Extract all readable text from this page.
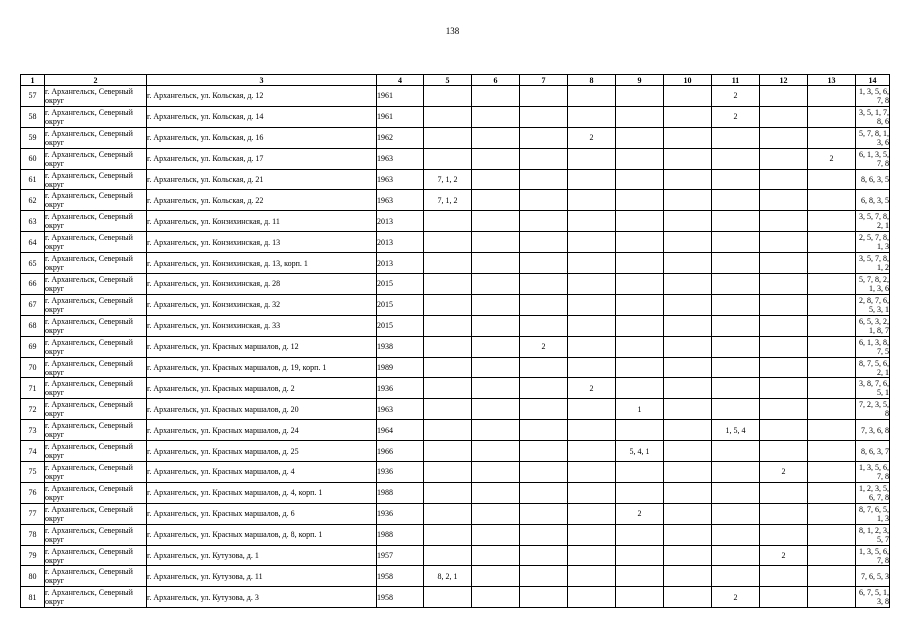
138
1	2	3	4	5	6	7	8	9	10	11	12	13	14
57	г. Архангельск, Северный округ	г. Архангельск, ул. Кольская, д. 12	1961							2			1, 3, 5, 6, 7, 8
58	г. Архангельск, Северный округ	г. Архангельск, ул. Кольская, д. 14	1961							2			3, 5, 1, 7, 8, 6
59	г. Архангельск, Северный округ	г. Архангельск, ул. Кольская, д. 16	1962				2						5, 7, 8, 1, 3, 6
60	г. Архангельск, Северный округ	г. Архангельск, ул. Кольская, д. 17	1963									2	6, 1, 3, 5, 7, 8
61	г. Архангельск, Северный округ	г. Архангельск, ул. Кольская, д. 21	1963	7, 1, 2									8, 6, 3, 5
62	г. Архангельск, Северный округ	г. Архангельск, ул. Кольская, д. 22	1963	7, 1, 2									6, 8, 3, 5
63	г. Архангельск, Северный округ	г. Архангельск, ул. Конзихинская, д. 11	2013										3, 5, 7, 8, 2, 1
64	г. Архангельск, Северный округ	г. Архангельск, ул. Конзихинская, д. 13	2013										2, 5, 7, 8, 1, 3
65	г. Архангельск, Северный округ	г. Архангельск, ул. Конзихинская, д. 13, корп. 1	2013										3, 5, 7, 8, 1, 2
66	г. Архангельск, Северный округ	г. Архангельск, ул. Конзихинская, д. 28	2015										5, 7, 8, 2, 1, 3, 6
67	г. Архангельск, Северный округ	г. Архангельск, ул. Конзихинская, д. 32	2015										2, 8, 7, 6, 5, 3, 1
68	г. Архангельск, Северный округ	г. Архангельск, ул. Конзихинская, д. 33	2015										6, 5, 3, 2, 1, 8, 7
69	г. Архангельск, Северный округ	г. Архангельск, ул. Красных маршалов, д. 12	1938			2							6, 1, 3, 8, 7, 5
70	г. Архангельск, Северный округ	г. Архангельск, ул. Красных маршалов, д. 19, корп. 1	1989										8, 7, 5, 6, 2, 1
71	г. Архангельск, Северный округ	г. Архангельск, ул. Красных маршалов, д. 2	1936				2						3, 8, 7, 6, 5, 1
72	г. Архангельск, Северный округ	г. Архангельск, ул. Красных маршалов, д. 20	1963					1					7, 2, 3, 5, 8
73	г. Архангельск, Северный округ	г. Архангельск, ул. Красных маршалов, д. 24	1964							1, 5, 4			7, 3, 6, 8
74	г. Архангельск, Северный округ	г. Архангельск, ул. Красных маршалов, д. 25	1966					5, 4, 1					8, 6, 3, 7
75	г. Архангельск, Северный округ	г. Архангельск, ул. Красных маршалов, д. 4	1936								2		1, 3, 5, 6, 7, 8
76	г. Архангельск, Северный округ	г. Архангельск, ул. Красных маршалов, д. 4, корп. 1	1988										1, 2, 3, 5, 6, 7, 8
77	г. Архангельск, Северный округ	г. Архангельск, ул. Красных маршалов, д. 6	1936					2					8, 7, 6, 5, 1, 3
78	г. Архангельск, Северный округ	г. Архангельск, ул. Красных маршалов, д. 8, корп. 1	1988										8, 1, 2, 3, 5, 7
79	г. Архангельск, Северный округ	г. Архангельск, ул. Кутузова, д. 1	1957								2		1, 3, 5, 6, 7, 8
80	г. Архангельск, Северный округ	г. Архангельск, ул. Кутузова, д. 11	1958	8, 2, 1									7, 6, 5, 3
81	г. Архангельск, Северный округ	г. Архангельск, ул. Кутузова, д. 3	1958							2			6, 7, 5, 1, 3, 8
